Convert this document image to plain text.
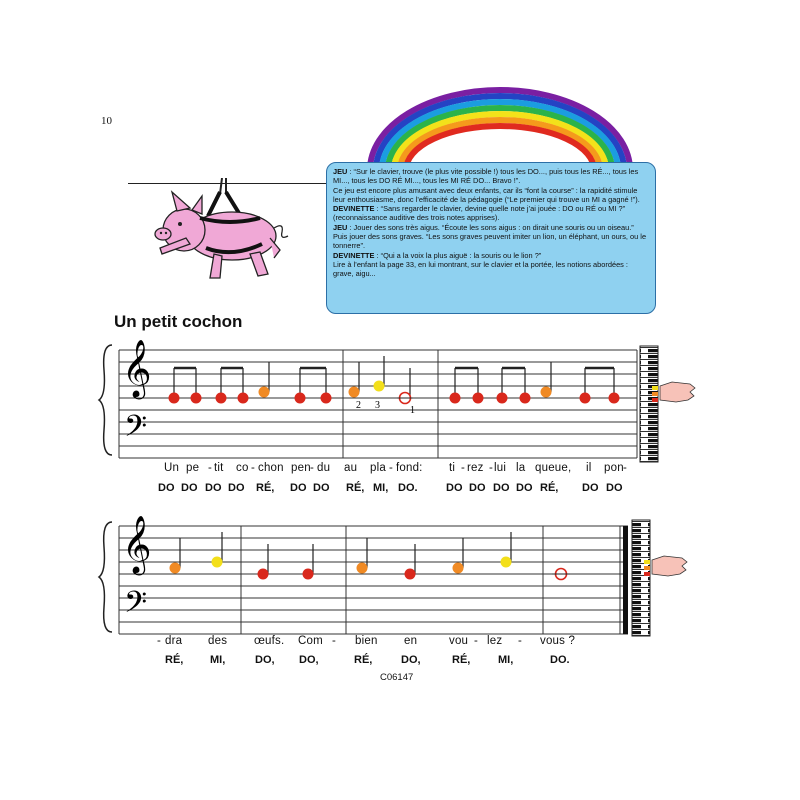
10

JEU : “Sur le clavier, trouve (le plus vite possible !) tous les DO..., puis tous les RÉ..., tous les MI..., tous les DO RÉ MI..., tous les MI RÉ DO... Bravo !”.

Ce jeu est encore plus amusant avec deux enfants, car ils “font la course” : la rapidité stimule leur enthousiasme, donc l’efficacité de la pédagogie (“Le premier qui trouve un MI a gagné !”).

DEVINETTE : “Sans regarder le clavier, devine quelle note j’ai jouée : DO ou RÉ ou MI ?” (reconnaissance auditive des trois notes apprises).

JEU : Jouer des sons très aigus. “Écoute les sons aigus : on dirait une souris ou un oiseau.” Puis jouer des sons graves. “Les sons graves peuvent imiter un lion, un éléphant, un ours, ou le tonnerre”.

DEVINETTE : “Qui a la voix la plus aiguë : la souris ou le lion ?”

Lire à l’enfant la page 33, en lui montrant, sur le clavier et la portée, les notions abordées : grave, aigu...

Un petit cochon
𝄞
𝄢
𝄞
𝄢
2 3	1
Un pe - tit co - chon pen - du au pla - fond: ti - rez - lui la queue, il pon -
DO DO DO DO RÉ, DO DO RÉ, MI, DO.	DO DO DO DO RÉ, DO DO
- dra des œufs. Com - bien en	vou - lez - vous ?
RÉ, MI,	DO, DO,	RÉ,	DO,	RÉ,	MI,	DO.
C06147
